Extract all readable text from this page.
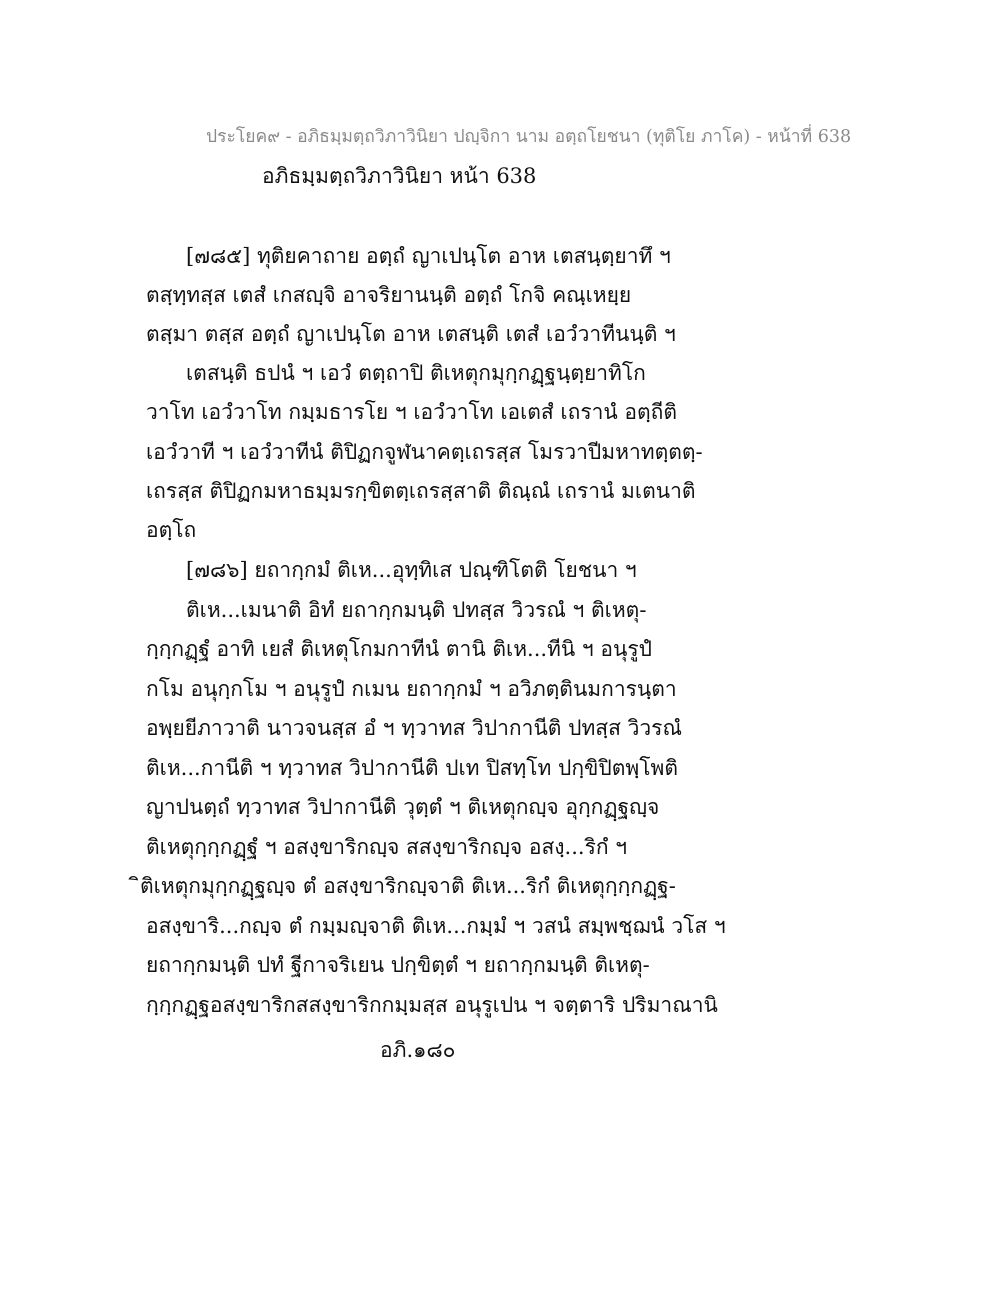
ประโยค๙ - อภิธมฺมตฺถวิภาวินิยา ปญฺจิกา นาม อตฺถโยชนา (ทุติโย ภาโค) - หน้าที่ 638
อภิธมฺมตฺถวิภาวินิยา หน้า 638
[๗๘๕] ทุติยคาถาย อตฺถํ ญาเปนฺโต อาห เตสนฺตฺยาทึ ฯ
ตสฺทฺทสฺส เตสํ เกสญฺจิ อาจริยานนฺติ อตฺถํ โกจิ คณฺเหยฺย
ตสฺมา ตสฺส อตฺถํ ญาเปนฺโต อาห เตสนฺติ เตสํ เอวํวาทีนนฺติ ฯ
เตสนฺติ ธปนํ ฯ เอวํ ตตฺถาปิ ติเหตุกมุกฺกฏฺฐนฺตฺยาทิโก
วาโท เอวํวาโท กมฺมธารโย ฯ เอวํวาโท เอเตสํ เถรานํ อตฺถีติ
เอวํวาที ฯ เอวํวาทีนํ ติปิฏกจูฬนาคตฺเถรสฺส โมรวาปีมหาทตฺตตฺ-
เถรสฺส ติปิฏกมหาธมฺมรกฺขิตตฺเถรสฺสาติ ติณฺณํ เถรานํ มเตนาติ
อตฺโถ
[๗๘๖] ยถากฺกมํ ติเห...อุทฺทิเส ปณฺฑิโตติ โยชนา ฯ
ติเห...เมนาติ อิทํ ยถากฺกมนฺติ ปทสฺส วิวรณํ ฯ ติเหตุ-
กฺกฺกฏฺฐํ อาทิ เยสํ ติเหตุโกมกาทีนํ ตานิ ติเห...ทีนิ ฯ อนุรูปํ
กโม อนุกฺกโม ฯ อนุรูปํ กเมน ยถากฺกมํ ฯ อวิภตฺตินมการนฺตา
อพฺยยีภาวาติ นาวจนสฺส อํ ฯ ทฺวาทส วิปากานีติ ปทสฺส วิวรณํ
ติเห...กานีติ ฯ ทฺวาทส วิปากานีติ ปเท ปิสทฺโท ปกฺขิปิตพฺโพติ
ญาปนตฺถํ ทฺวาทส วิปากานีติ วุตฺตํ ฯ ติเหตุกญฺจ อุกฺกฏฺฐญฺจ
ติเหตุกฺกฺกฏฺฐํ ฯ อสงฺขาริกญฺจ สสงฺขาริกญฺจ อสงฺ...ริกํ ฯ
ิติเหตุกมุกฺกฏฺฐญฺจ ตํ อสงฺขาริกญฺจาติ ติเห...ริกํ ติเหตุกฺกฺกฏฺฐ-
อสงฺขาริ...กญฺจ ตํ กมฺมญฺจาติ ติเห...กมฺมํ ฯ วสนํ สมฺพชฺฌนํ วโส ฯ
ยถากฺกมนฺติ ปทํ ฐีกาจริเยน ปกฺขิตฺตํ ฯ ยถากฺกมนฺติ ติเหตุ-
กฺกฺกฏฺฐอสงฺขาริกสสงฺขาริกกมฺมสฺส อนุรูเปน ฯ จตฺตาริ ปริมาณานิ
อภิ.๑๘๐
